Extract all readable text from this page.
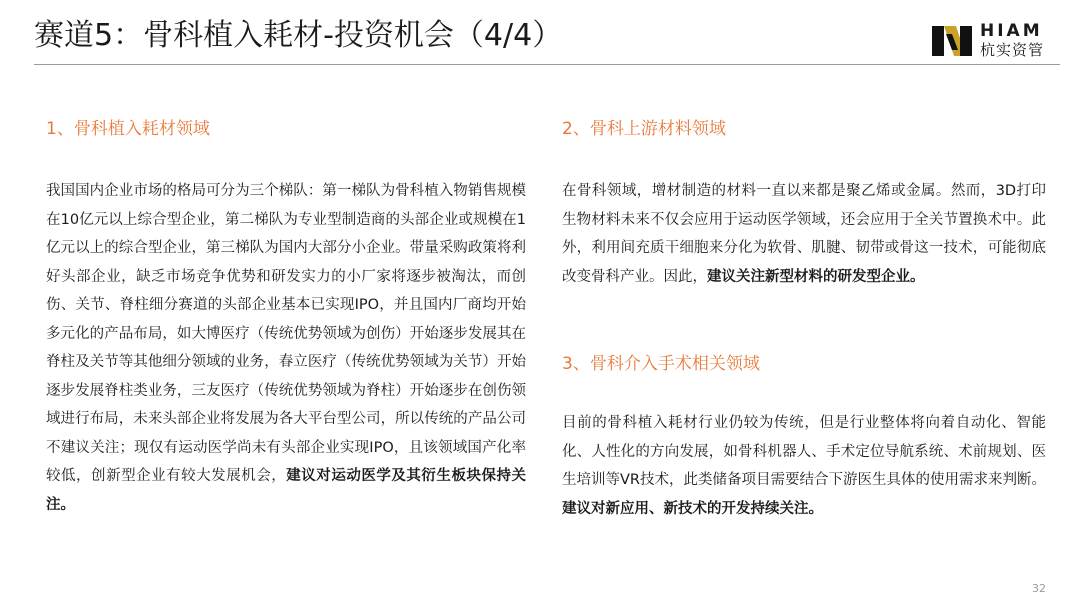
赛道5：骨科植入耗材-投资机会（4/4）	HIAM
杭实资管
1、骨科植入耗材领域
我国国内企业市场的格局可分为三个梯队：第一梯队为骨科植入物销售规模在10亿元以上综合型企业，第二梯队为专业型制造商的头部企业或规模在1亿元以上的综合型企业，第三梯队为国内大部分小企业。带量采购政策将利好头部企业，缺乏市场竞争优势和研发实力的小厂家将逐步被淘汰，而创伤、关节、脊柱细分赛道的头部企业基本已实现IPO，并且国内厂商均开始多元化的产品布局，如大博医疗（传统优势领域为创伤）开始逐步发展其在脊柱及关节等其他细分领域的业务，春立医疗（传统优势领域为关节）开始逐步发展脊柱类业务，三友医疗（传统优势领域为脊柱）开始逐步在创伤领域进行布局，未来头部企业将发展为各大平台型公司，所以传统的产品公司不建议关注；现仅有运动医学尚未有头部企业实现IPO，且该领域国产化率较低，创新型企业有较大发展机会，建议对运动医学及其衍生板块保持关注。
2、骨科上游材料领域
在骨科领域，增材制造的材料一直以来都是聚乙烯或金属。然而，3D打印生物材料未来不仅会应用于运动医学领域，还会应用于全关节置换术中。此外，利用间充质干细胞来分化为软骨、肌腱、韧带或骨这一技术，可能彻底改变骨科产业。因此，建议关注新型材料的研发型企业。
3、骨科介入手术相关领域
目前的骨科植入耗材行业仍较为传统，但是行业整体将向着自动化、智能化、人性化的方向发展，如骨科机器人、手术定位导航系统、术前规划、医生培训等VR技术，此类储备项目需要结合下游医生具体的使用需求来判断。建议对新应用、新技术的开发持续关注。
32
